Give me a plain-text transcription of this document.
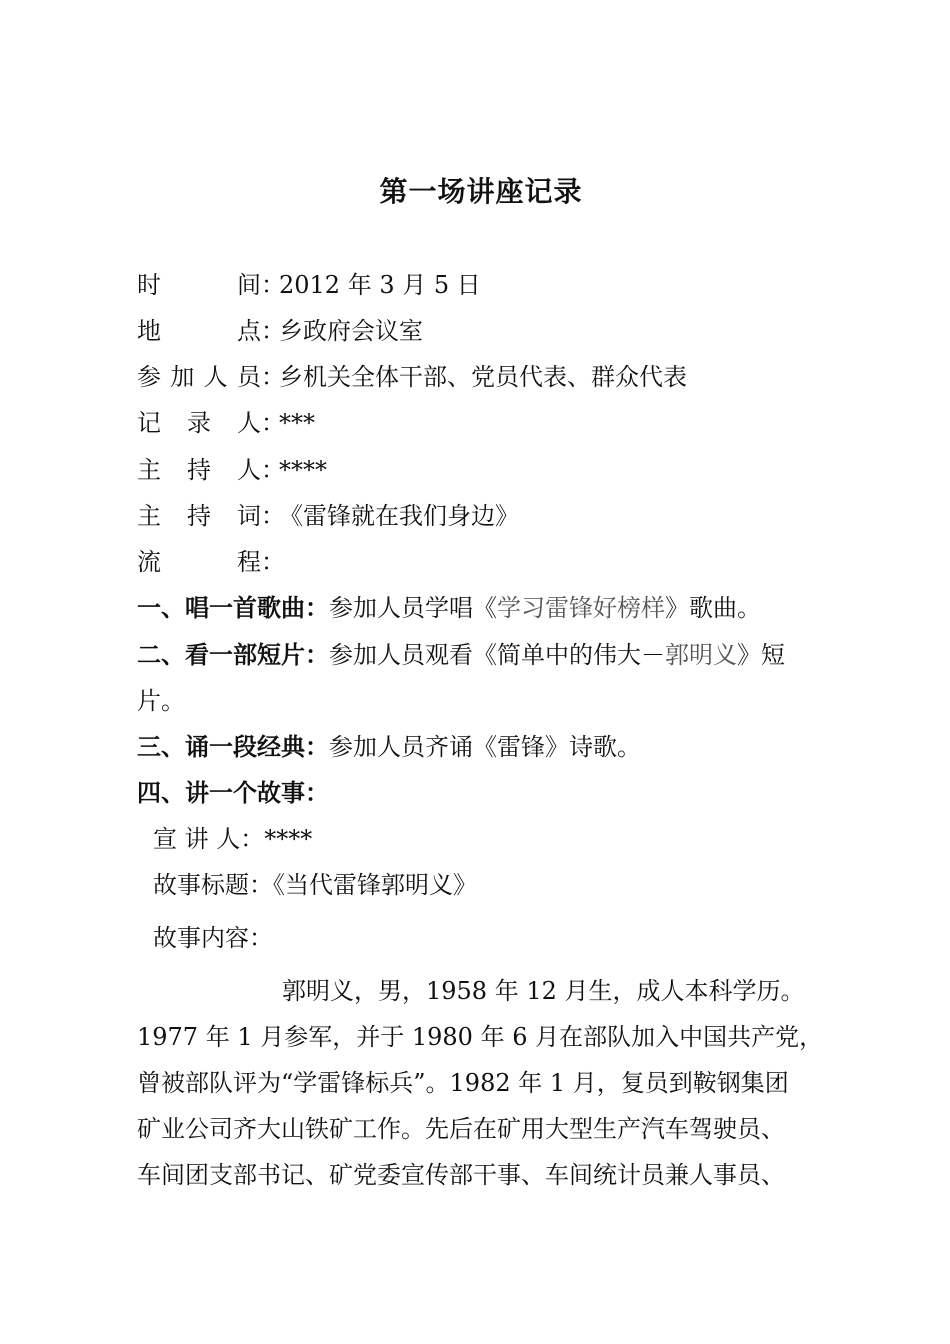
第一场讲座记录
时	间 ：2012 年 3 月 5 日
地	点 ：乡政府会议室
参 加 人 员 ：乡机关全体干部、党员代表、群众代表
记 录 人 ：***
主 持 人 ：****
主 持 词 ：《雷锋就在我们身边》
流	程 ：
一、唱一首歌曲：参加人员学唱《学习雷锋好榜样》歌曲。
二、看一部短片：参加人员观看《简单中的伟大－郭明义》短
片。
三、诵一段经典：参加人员齐诵《雷锋》诗歌。
四、讲一个故事：
宣 讲 人：****
故事标题：《当代雷锋郭明义》
故事内容：
郭明义，男，1958 年 12 月生，成人本科学历。
1977 年 1 月参军，并于 1980 年 6 月在部队加入中国共产党，
曾被部队评为“学雷锋标兵”。1982 年 1 月，复员到鞍钢集团
矿业公司齐大山铁矿工作。先后在矿用大型生产汽车驾驶员、
车间团支部书记、矿党委宣传部干事、车间统计员兼人事员、
